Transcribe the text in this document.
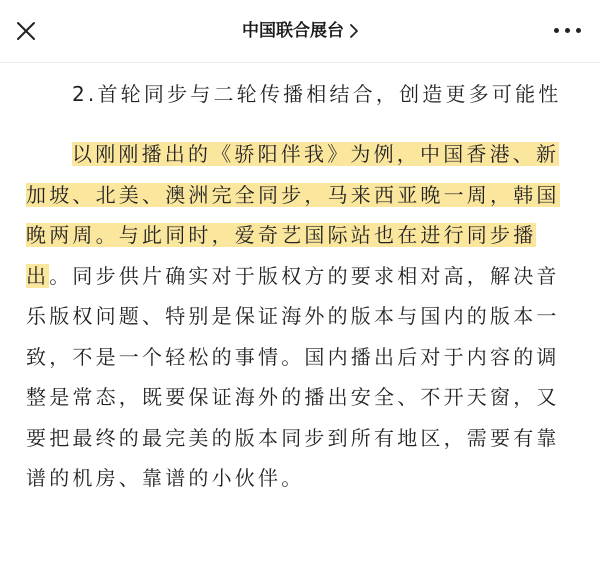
中国联合展台

2.首轮同步与二轮传播相结合，创造更多可能性

以刚刚播出的《骄阳伴我》为例，中国香港、新加坡、北美、澳洲完全同步，马来西亚晚一周，韩国晚两周。与此同时，爱奇艺国际站也在进行同步播出。同步供片确实对于版权方的要求相对高，解决音乐版权问题、特别是保证海外的版本与国内的版本一致，不是一个轻松的事情。国内播出后对于内容的调整是常态，既要保证海外的播出安全、不开天窗，又要把最终的最完美的版本同步到所有地区，需要有靠谱的机房、靠谱的小伙伴。
